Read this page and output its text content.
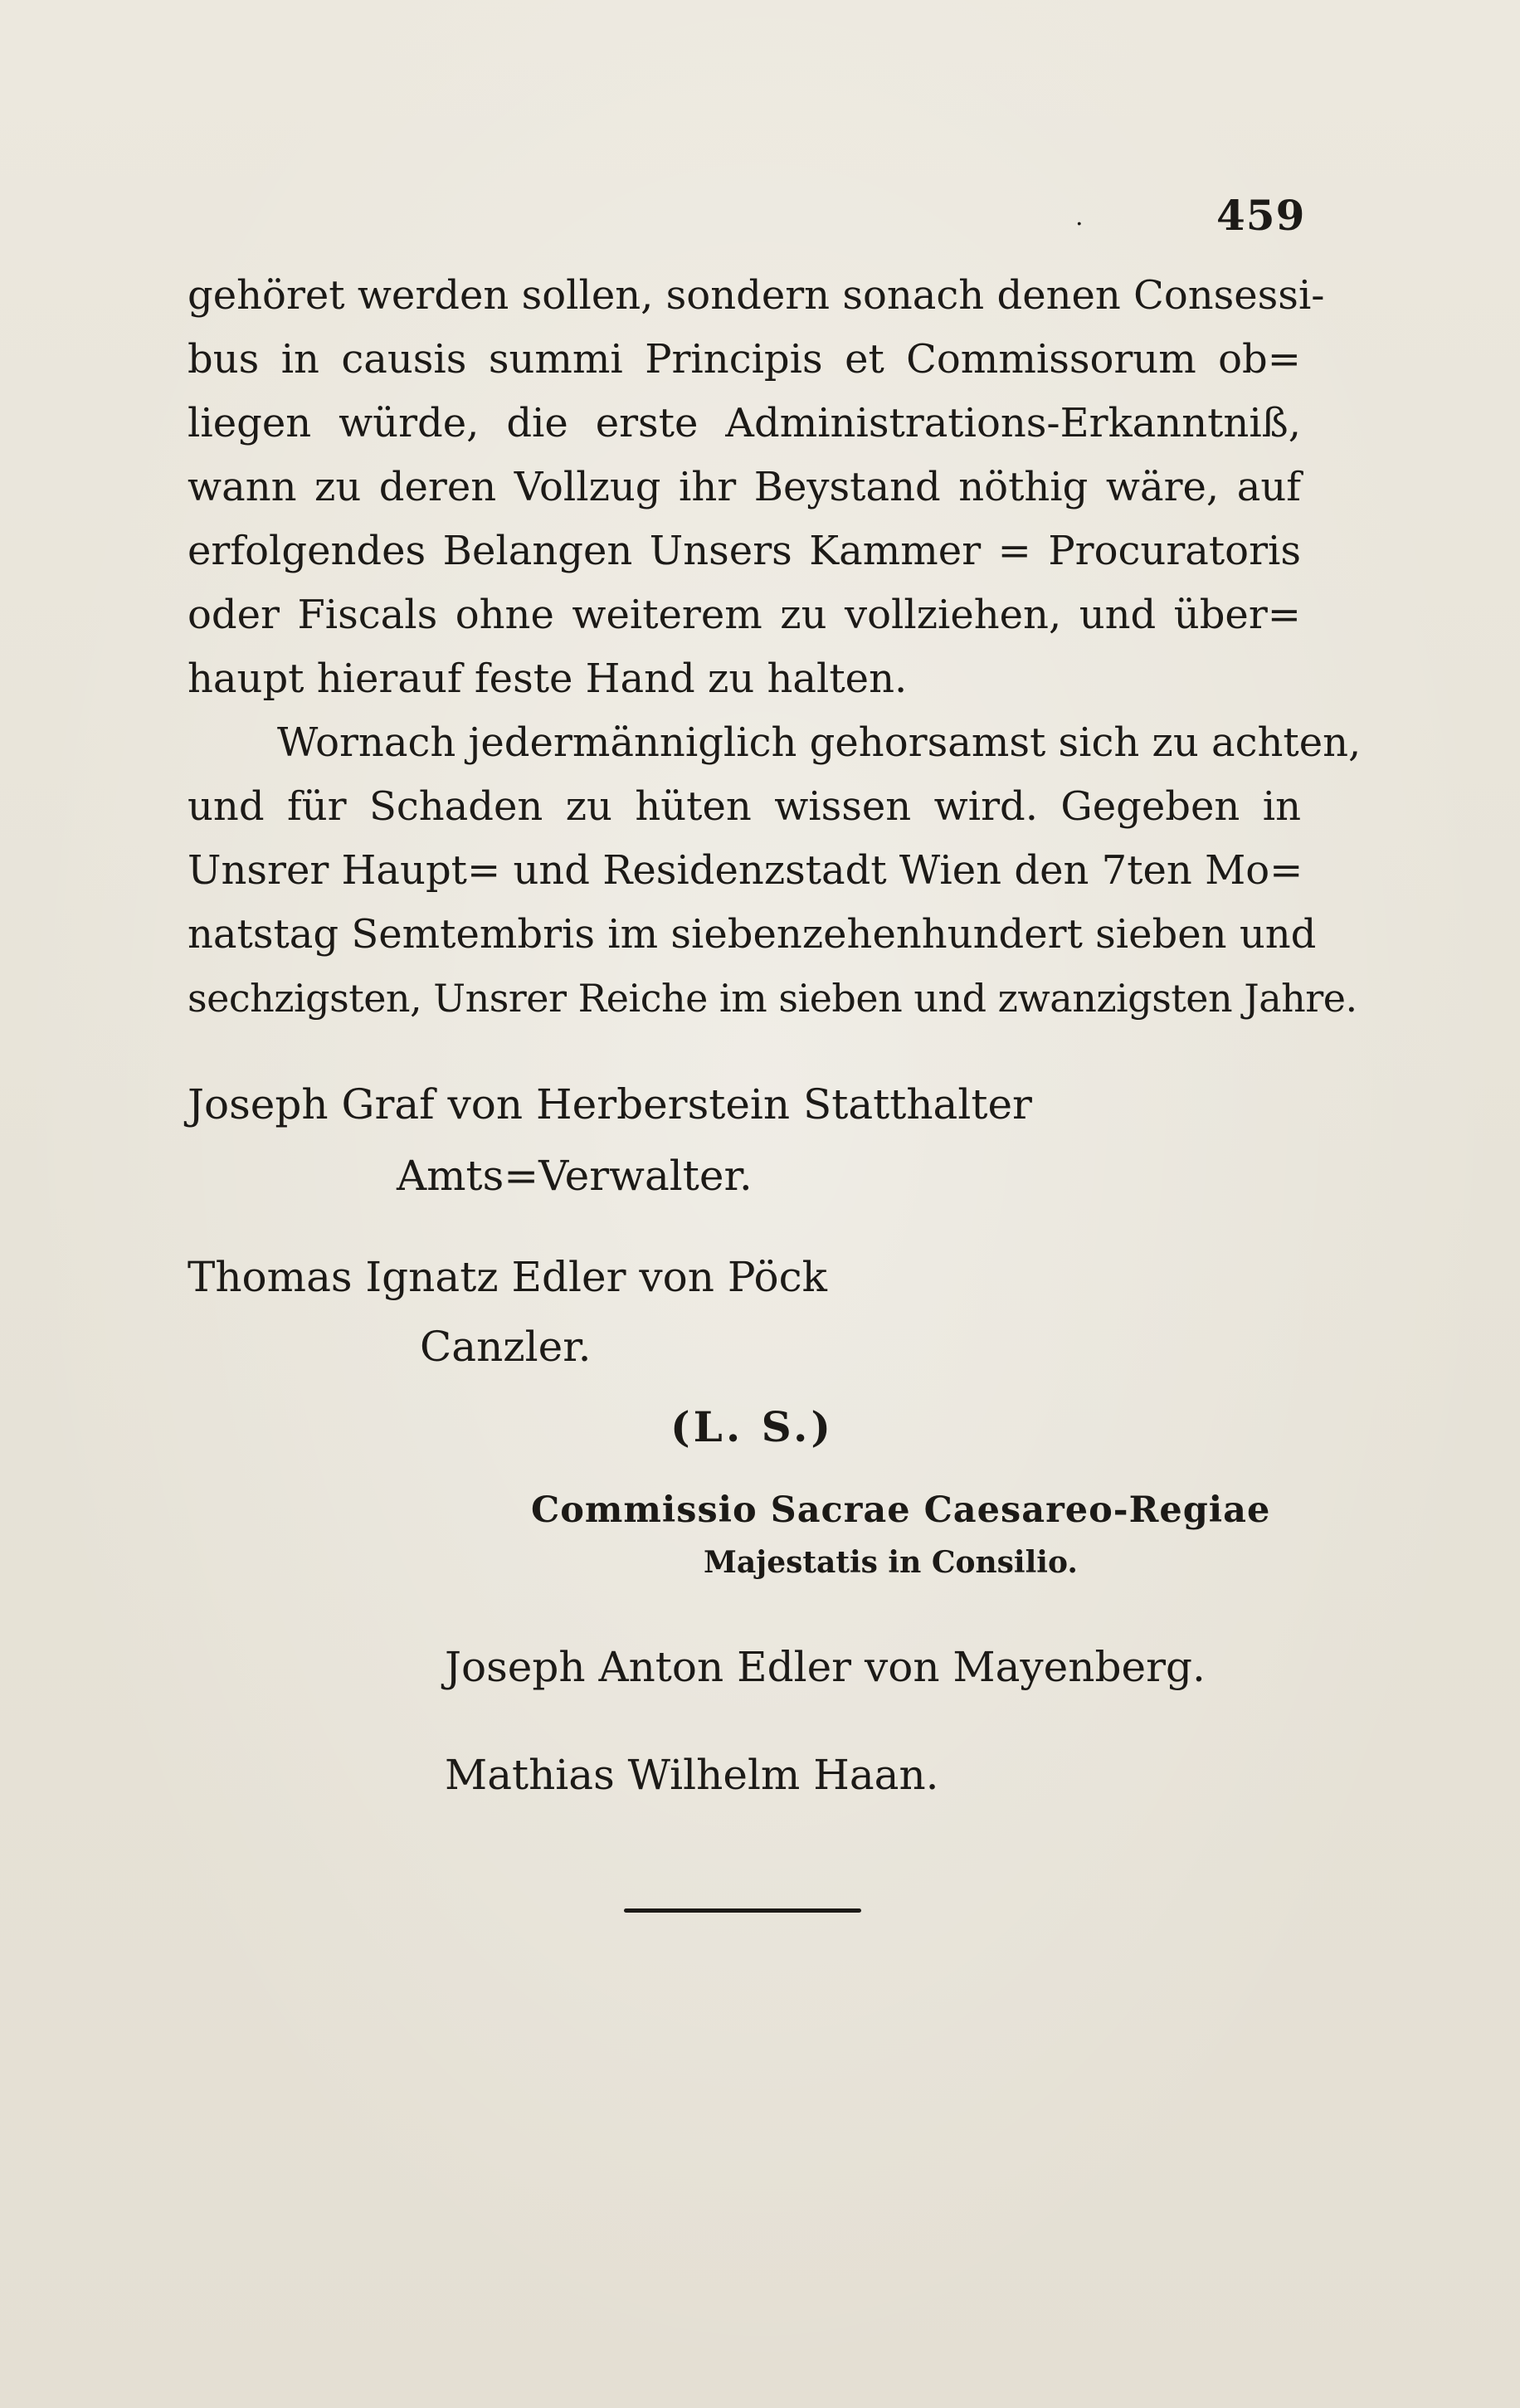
.	459
gehöret werden sollen, sondern sonach denen Consessi-
bus in causis summi Principis et Commissorum ob=
liegen würde, die erste Administrations-Erkanntniß,
wann zu deren Vollzug ihr Beystand nöthig wäre, auf
erfolgendes Belangen Unsers Kammer = Procuratoris
oder Fiscals ohne weiterem zu vollziehen, und über=
haupt hierauf feste Hand zu halten.
Wornach jedermänniglich gehorsamst sich zu achten,
und für Schaden zu hüten wissen wird. Gegeben in
Unsrer Haupt= und Residenzstadt Wien den 7ten Mo=
natstag Semtembris im siebenzehenhundert sieben und
sechzigsten, Unsrer Reiche im sieben und zwanzigsten Jahre.
Joseph Graf von Herberstein Statthalter
Amts=Verwalter.
Thomas Ignatz Edler von Pöck
Canzler.
(L. S.)
Commissio Sacrae Caesareo-Regiae
Majestatis in Consilio.
Joseph Anton Edler von Mayenberg.
Mathias Wilhelm Haan.
